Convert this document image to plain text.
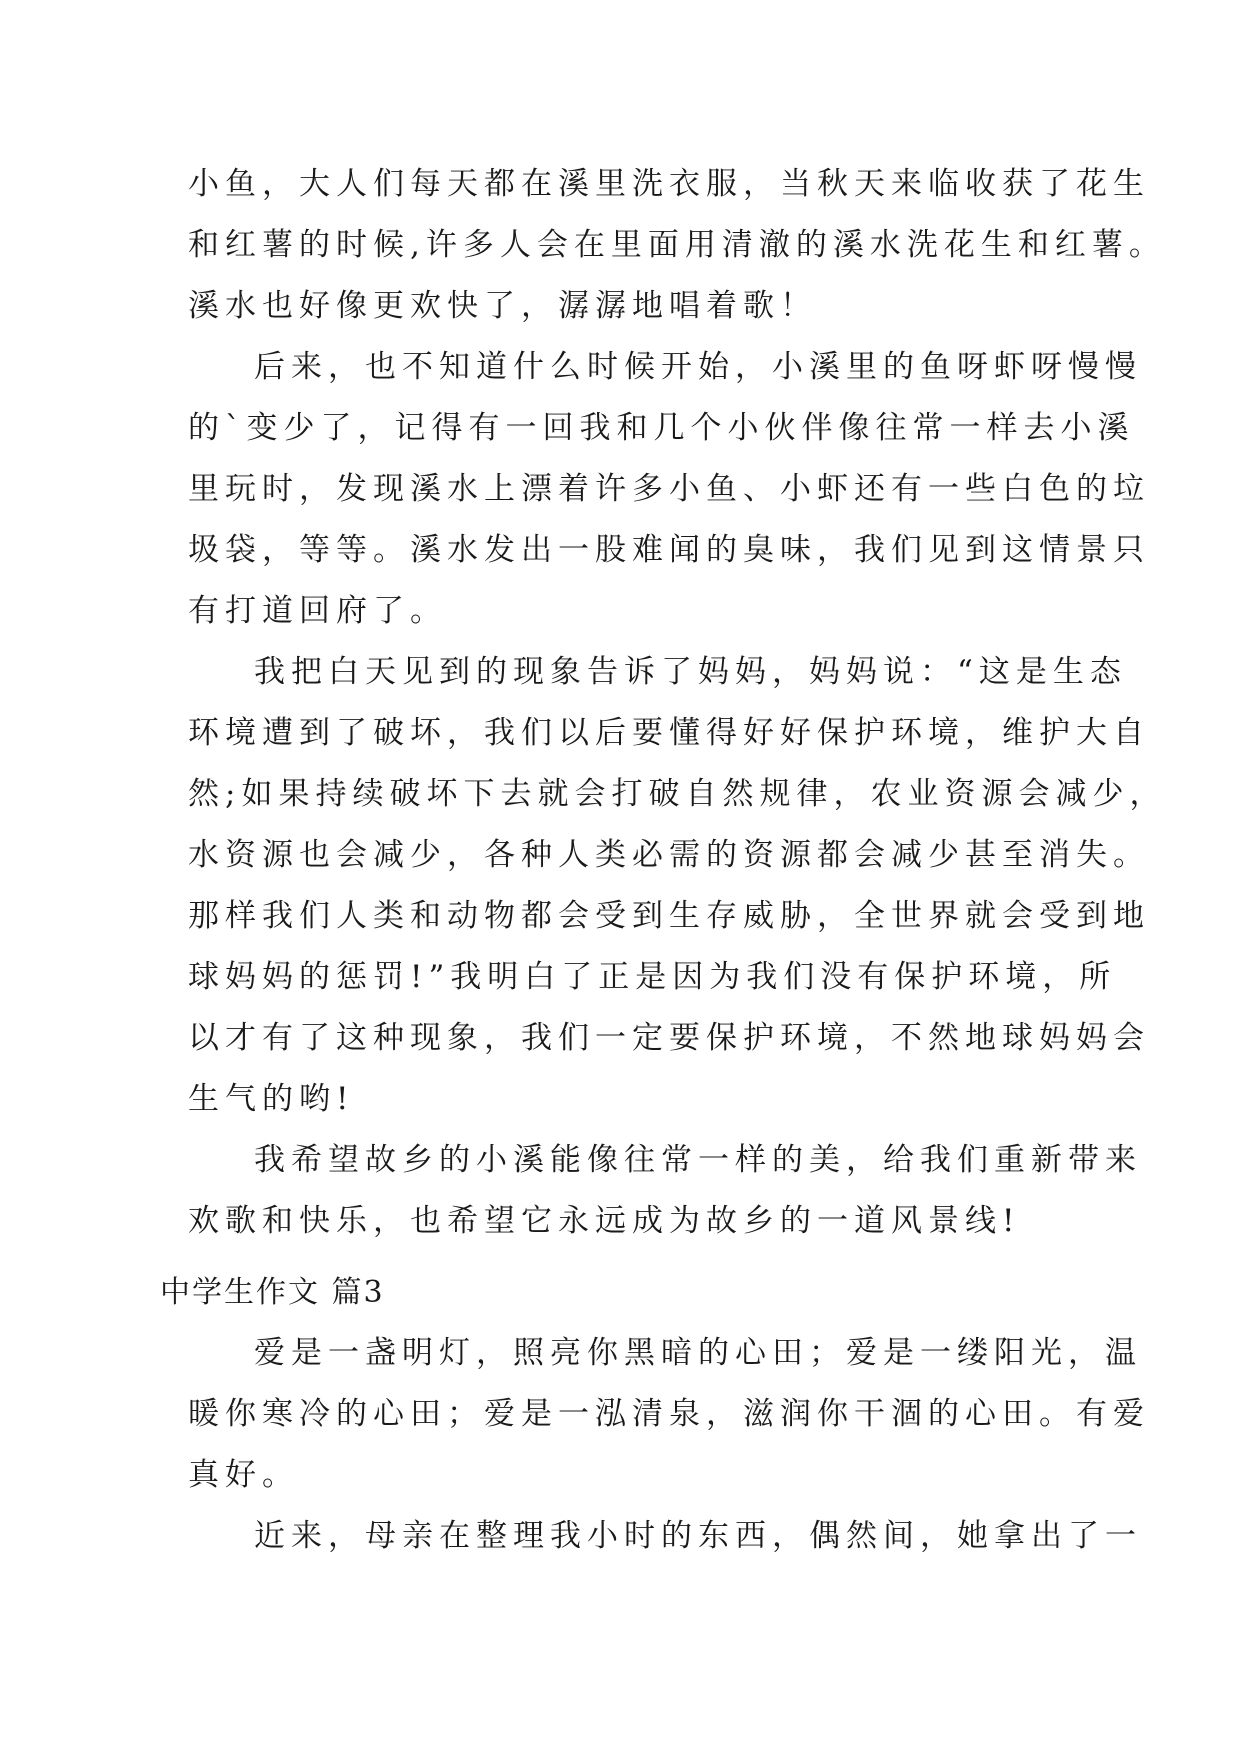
小鱼，大人们每天都在溪里洗衣服，当秋天来临收获了花生
和红薯的时候,许多人会在里面用清澈的溪水洗花生和红薯。
溪水也好像更欢快了，潺潺地唱着歌！
后来，也不知道什么时候开始，小溪里的鱼呀虾呀慢慢
的`变少了，记得有一回我和几个小伙伴像往常一样去小溪
里玩时，发现溪水上漂着许多小鱼、小虾还有一些白色的垃
圾袋，等等。溪水发出一股难闻的臭味，我们见到这情景只
有打道回府了。
我把白天见到的现象告诉了妈妈，妈妈说：“这是生态
环境遭到了破坏，我们以后要懂得好好保护环境，维护大自
然;如果持续破坏下去就会打破自然规律，农业资源会减少，
水资源也会减少，各种人类必需的资源都会减少甚至消失。
那样我们人类和动物都会受到生存威胁，全世界就会受到地
球妈妈的惩罚!”我明白了正是因为我们没有保护环境，所
以才有了这种现象，我们一定要保护环境，不然地球妈妈会
生气的哟!
我希望故乡的小溪能像往常一样的美，给我们重新带来
欢歌和快乐，也希望它永远成为故乡的一道风景线!
中学生作文 篇3
爱是一盏明灯，照亮你黑暗的心田；爱是一缕阳光，温
暖你寒冷的心田；爱是一泓清泉，滋润你干涸的心田。有爱
真好。
近来，母亲在整理我小时的东西，偶然间，她拿出了一
